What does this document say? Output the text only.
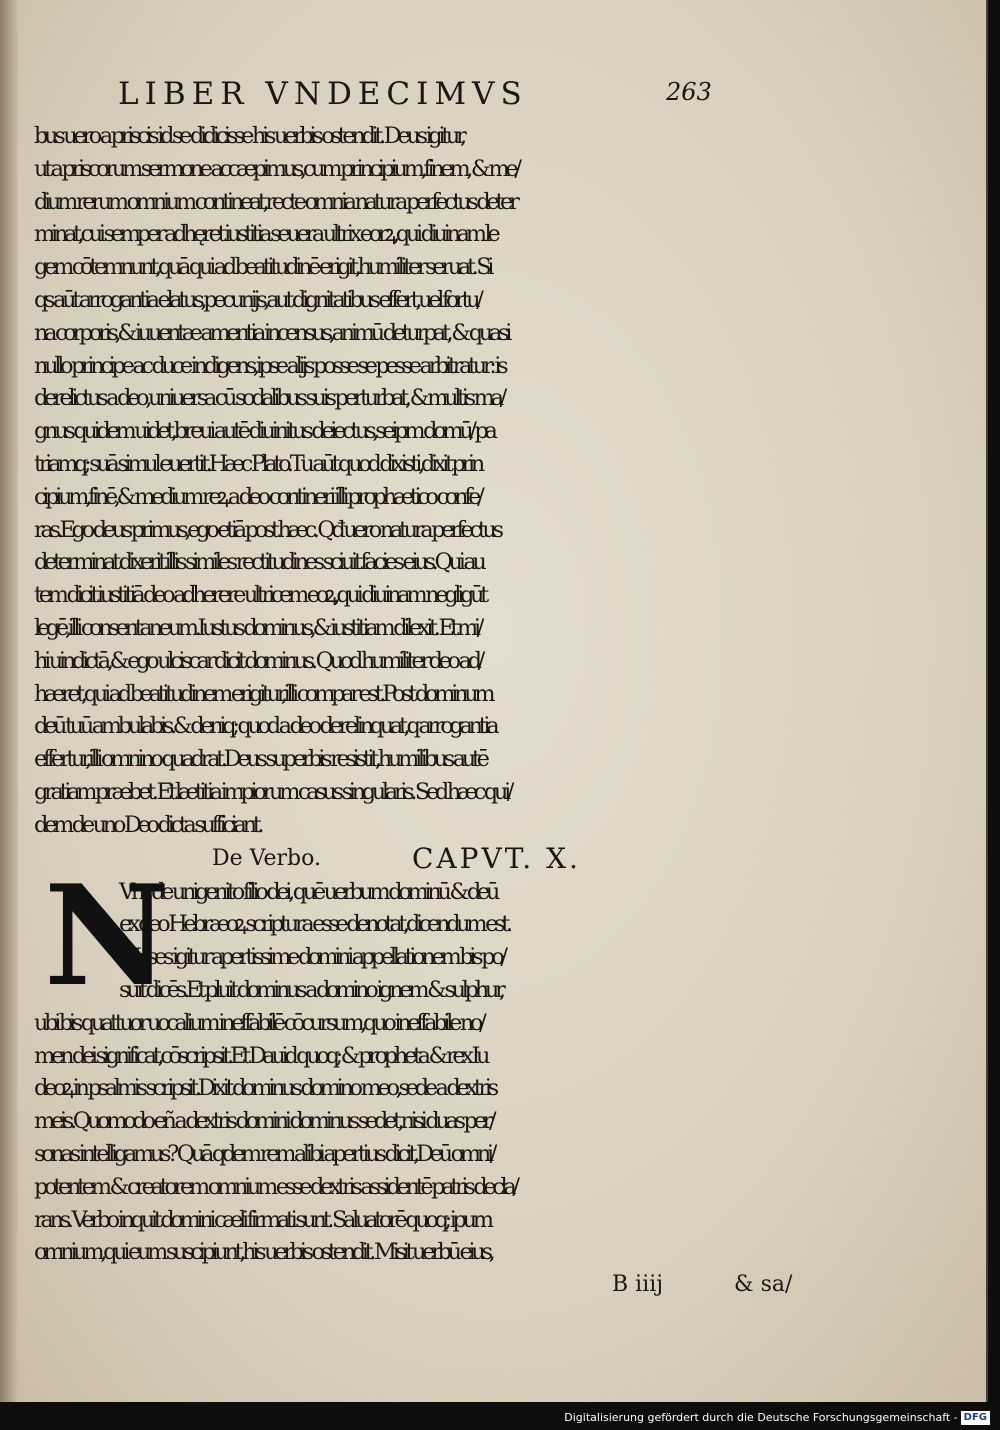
LIBER VNDECIMVS	263
bus uero a priscis id se didicisse his uerbis ostendit. Deus igitur,
ut a priscorum sermone accæpimus,cum principium,finem, & me/
dium rerum omnium contineat,recte omnia natura perfectus deter
minat,cui semper adhęret iustitia seuera ultrix eorꝝ,qui diuinam le
gem cōtemnunt,quā qui ad beatitudinē erigit,humiliter seruat. Si
qs aūt arrogantia elatus,pecunijs,aut dignitatibus effert,uel fortu/
na corporis,& iuuentæ amentia incensus,animū deturpat, & quasi
nullo principe ac duce indigens,ipse alijs posse se pesse arbitratur: is
derelictus a deo,uniuersa cū sodalibus suis perturbat, & multis ma/
gnus quidem uidet,breui autē diuinitus deiectus,seipm domū/ pa
triamq; suā simul euertit.Hæc Plato.Tu aūt quod dixisti,dixit prin
cipium,finē,& medium reꝝ a deo contineri illi prophætico confe/
ras.Ego deus primus,ego etiā post hæc. Qđ uero natura perfectus
determinat dixerit illis similes rectitudines sciuit facies eius.Qui au
tem dicit iustitiā deo adherere ultricem eoꝝ,qui diuinam negligūt
legē,illi consentaneum.Iustus dominus,& iustitiam dilexit. Et mi/
hi uindictā,& ego ulciscar dicit dominus. Quod humiliter deo ad/
hæret,qui ad beatitudinem erigitur,illi compar est.Post dominum
deū tuū ambulabis.& deniq; quod a deo derelinquat,q arrogantia
effertur,illi omnino quadrat.Deus superbis resistit,humilibus autē
gratiam præbet. Et lætitia impiorum casus singularis. Sed hæc qui/
dem de uno Deo dicta sufficiant.
De Verbo.	CAPVT. X.
N
Vnc de unigenito filio dei, quē uerbum dominū & deū
ex deo Hebræoꝝ scriptura esse denotat,dicendum est.
Moses igitur apertissime domini appellationem bis po/
suit dicēs.Et pluit dominus a domino ignem & sulphur,
ubi bis quattuor uocalium ineffabilē cōcursum,quo ineffabile no/
men dei significat,cōscripsit.Et Dauid quoq; & propheta & rex Iu
deoꝝ in psalmis scripsit.Dixit dominus domino meo,sede a dextris
meis.Quomodo eñ a dextris domini dominus sedet,nisi duas per/
sonas intelligamus? Quā qdem rem alibi apertius dicit,Deū omni/
potentem & creatorem omnium esse dextris assidentē patris decla/
rans. Verbo inquit domini cæli firmati sunt. Saluatorē quoq; ipum
omnium,qui eum suscipiunt,his uerbis ostendit. Misit uerbū eius,
B iiij	& sa/
Digitalisierung gefördert durch die Deutsche Forschungsgemeinschaft - DFG
